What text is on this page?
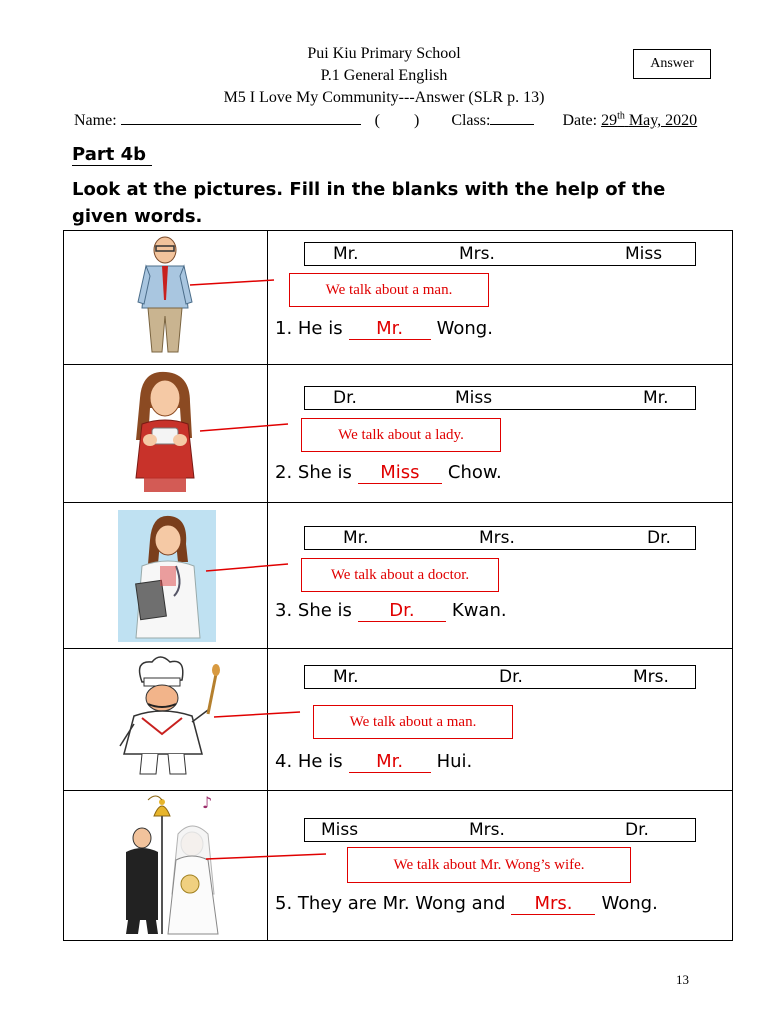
Pui Kiu Primary School
P.1 General English
M5 I Love My Community---Answer (SLR p. 13)
Answer
Name:	( ) Class:	Date: 29th May, 2020
Part 4b
Look at the pictures. Fill in the blanks with the help of the given words.
Mr.	Mrs.	Miss
We talk about a man.
1. He is Mr. Wong.
Dr.	Miss	Mr.
We talk about a lady.
2. She is Miss Chow.
Mr.	Mrs.	Dr.
We talk about a doctor.
3. She is Dr. Kwan.
Mr.	Dr.	Mrs.
We talk about a man.
4. He is Mr. Hui.
♪
Miss	Mrs.	Dr.
We talk about Mr. Wong’s wife.
5. They are Mr. Wong and Mrs. Wong.
13
